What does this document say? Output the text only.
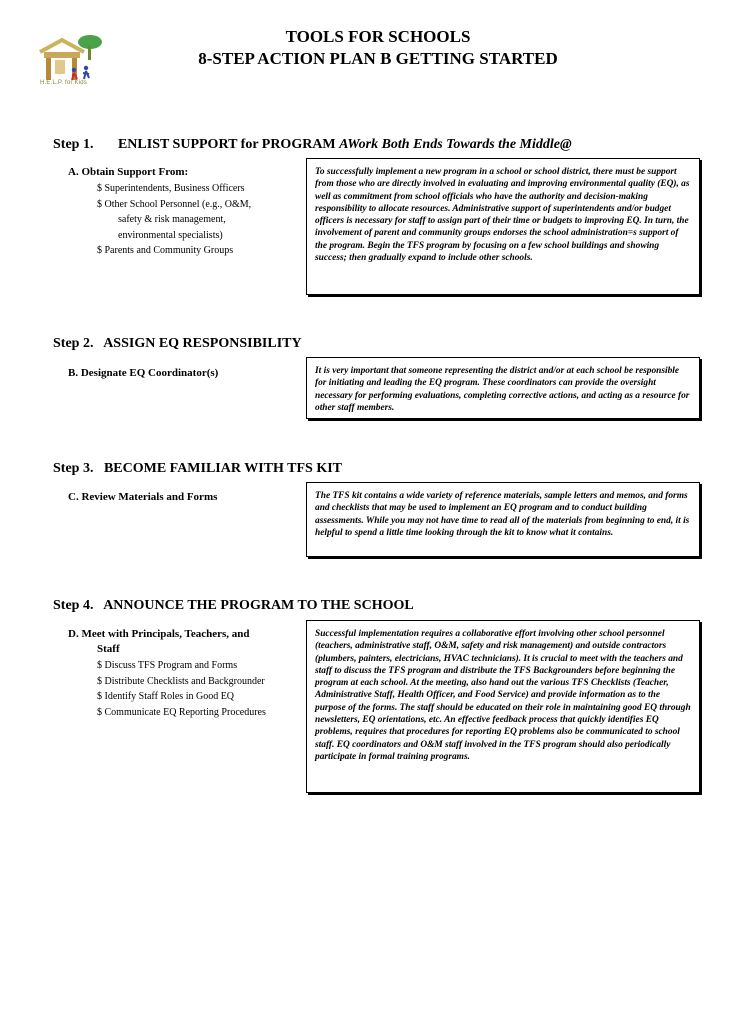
H.E.L.P. for Kids
TOOLS FOR SCHOOLS
8-STEP ACTION PLAN B GETTING STARTED
Step 1. ENLIST SUPPORT for PROGRAM AWork Both Ends Towards the Middle@
A. Obtain Support From:
$ Superintendents, Business Officers
$ Other School Personnel (e.g., O&M,
safety & risk management,
environmental specialists)
$ Parents and Community Groups
To successfully implement a new program in a school or school district, there must be support from those who are directly involved in evaluating and improving environmental quality (EQ), as well as commitment from school officials who have the authority and decision-making responsibility to allocate resources. Administrative support of superintendents and/or budget officers is necessary for staff to assign part of their time or budgets to improving EQ. In turn, the involvement of parent and community groups endorses the school administration=s support of the program. Begin the TFS program by focusing on a few school buildings and showing success; then gradually expand to include other schools.
Step 2. ASSIGN EQ RESPONSIBILITY
B. Designate EQ Coordinator(s)	It is very important that someone representing the district and/or at each school be responsible for initiating and leading the EQ program. These coordinators can provide the oversight necessary for performing evaluations, completing corrective actions, and acting as a resource for other staff members.
Step 3. BECOME FAMILIAR WITH TFS KIT
C. Review Materials and Forms	The TFS kit contains a wide variety of reference materials, sample letters and memos, and forms and checklists that may be used to implement an EQ program and to conduct building assessments. While you may not have time to read all of the materials from beginning to end, it is helpful to spend a little time looking through the kit to know what it contains.
Step 4. ANNOUNCE THE PROGRAM TO THE SCHOOL
D. Meet with Principals, Teachers, and
Staff
$ Discuss TFS Program and Forms
$ Distribute Checklists and Backgrounder
$ Identify Staff Roles in Good EQ
$ Communicate EQ Reporting Procedures
Successful implementation requires a collaborative effort involving other school personnel (teachers, administrative staff, O&M, safety and risk management) and outside contractors (plumbers, painters, electricians, HVAC technicians). It is crucial to meet with the teachers and staff to discuss the TFS program and distribute the TFS Backgrounders before beginning the program at each school. At the meeting, also hand out the various TFS Checklists (Teacher, Administrative Staff, Health Officer, and Food Service) and provide information as to the purpose of the forms. The staff should be educated on their role in maintaining good EQ through newsletters, EQ orientations, etc. An effective feedback process that quickly identifies EQ problems, requires that procedures for reporting EQ problems also be communicated to school staff. EQ coordinators and O&M staff involved in the TFS program should also periodically participate in formal training programs.
